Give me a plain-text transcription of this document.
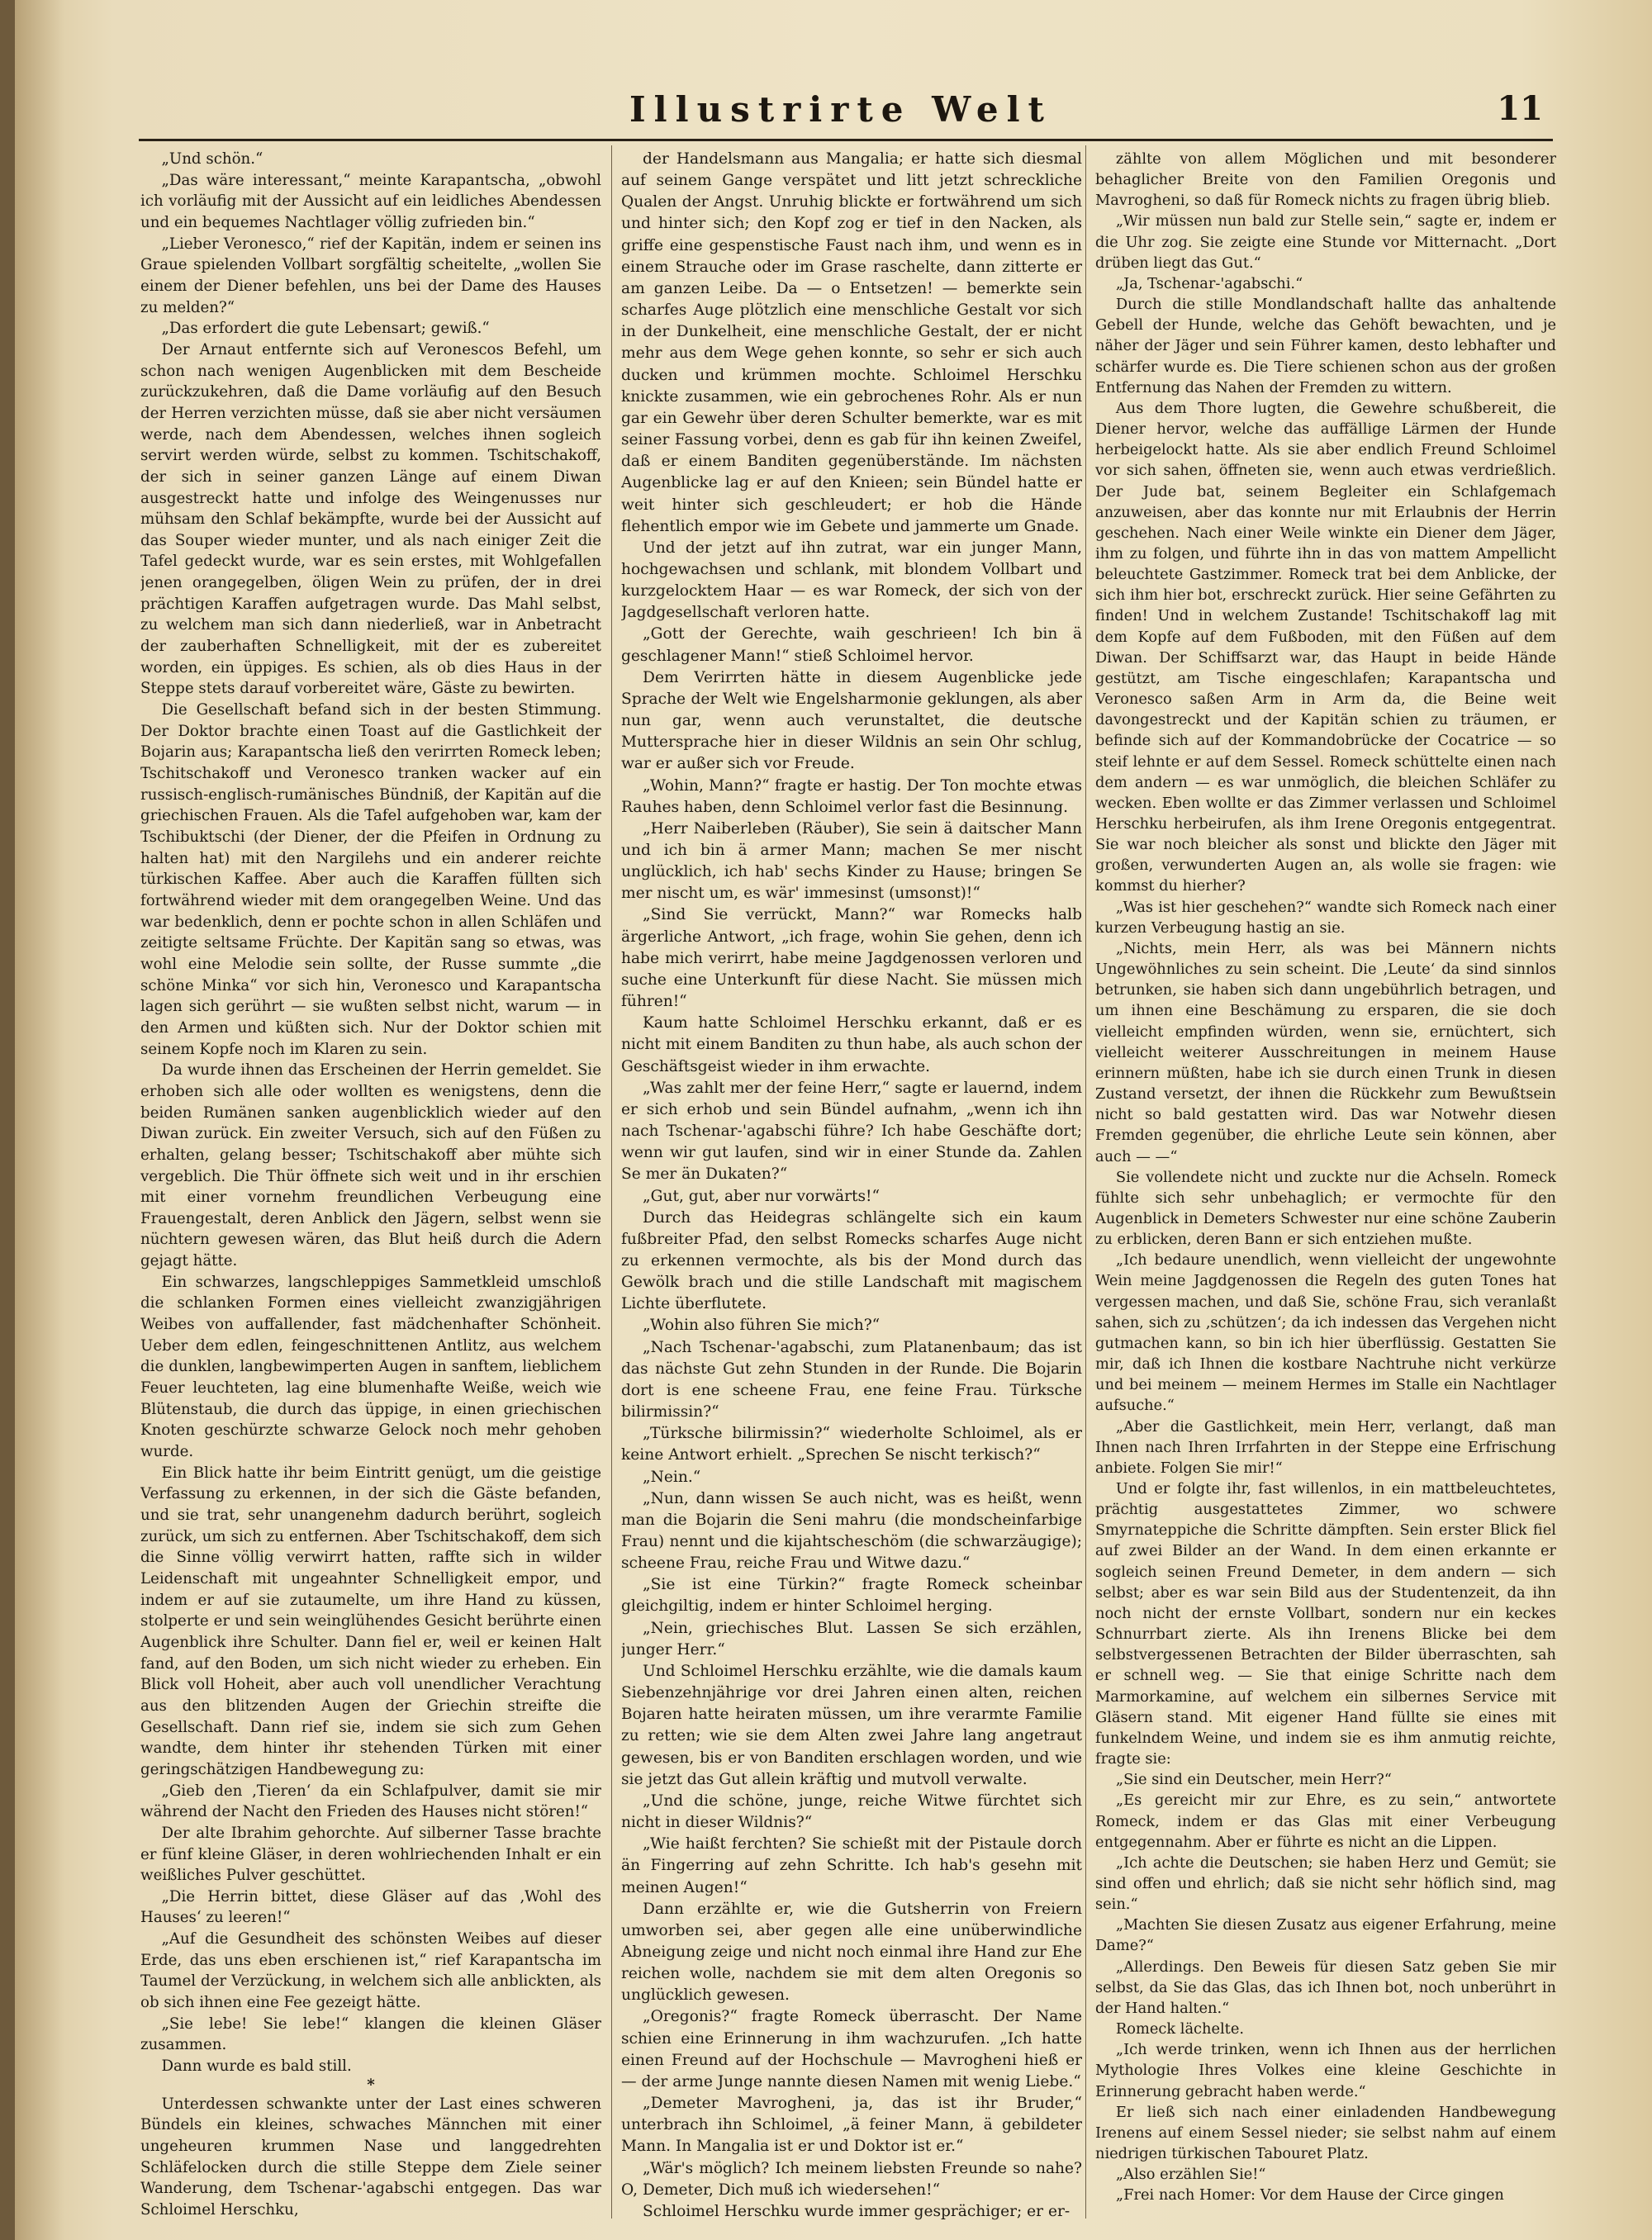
Illustrirte Welt	11

„Und schön.“

„Das wäre interessant,“ meinte Karapantscha, „obwohl ich vorläufig mit der Aussicht auf ein leidliches Abendessen und ein bequemes Nachtlager völlig zufrieden bin.“

„Lieber Veronesco,“ rief der Kapitän, indem er seinen ins Graue spielenden Vollbart sorgfältig scheitelte, „wollen Sie einem der Diener befehlen, uns bei der Dame des Hauses zu melden?“

„Das erfordert die gute Lebensart; gewiß.“

Der Arnaut entfernte sich auf Veronescos Befehl, um schon nach wenigen Augenblicken mit dem Bescheide zurückzukehren, daß die Dame vorläufig auf den Besuch der Herren verzichten müsse, daß sie aber nicht versäumen werde, nach dem Abendessen, welches ihnen sogleich servirt werden würde, selbst zu kommen. Tschitschakoff, der sich in seiner ganzen Länge auf einem Diwan ausgestreckt hatte und infolge des Weingenusses nur mühsam den Schlaf bekämpfte, wurde bei der Aussicht auf das Souper wieder munter, und als nach einiger Zeit die Tafel gedeckt wurde, war es sein erstes, mit Wohlgefallen jenen orangegelben, öligen Wein zu prüfen, der in drei prächtigen Karaffen aufgetragen wurde. Das Mahl selbst, zu welchem man sich dann niederließ, war in Anbetracht der zauberhaften Schnelligkeit, mit der es zubereitet worden, ein üppiges. Es schien, als ob dies Haus in der Steppe stets darauf vorbereitet wäre, Gäste zu bewirten.

Die Gesellschaft befand sich in der besten Stimmung. Der Doktor brachte einen Toast auf die Gastlichkeit der Bojarin aus; Karapantscha ließ den verirrten Romeck leben; Tschitschakoff und Veronesco tranken wacker auf ein russisch-englisch-rumänisches Bündniß, der Kapitän auf die griechischen Frauen. Als die Tafel aufgehoben war, kam der Tschibuktschi (der Diener, der die Pfeifen in Ordnung zu halten hat) mit den Nargilehs und ein anderer reichte türkischen Kaffee. Aber auch die Karaffen füllten sich fortwährend wieder mit dem orangegelben Weine. Und das war bedenklich, denn er pochte schon in allen Schläfen und zeitigte seltsame Früchte. Der Kapitän sang so etwas, was wohl eine Melodie sein sollte, der Russe summte „die schöne Minka“ vor sich hin, Veronesco und Karapantscha lagen sich gerührt — sie wußten selbst nicht, warum — in den Armen und küßten sich. Nur der Doktor schien mit seinem Kopfe noch im Klaren zu sein.

Da wurde ihnen das Erscheinen der Herrin gemeldet. Sie erhoben sich alle oder wollten es wenigstens, denn die beiden Rumänen sanken augenblicklich wieder auf den Diwan zurück. Ein zweiter Versuch, sich auf den Füßen zu erhalten, gelang besser; Tschitschakoff aber mühte sich vergeblich. Die Thür öffnete sich weit und in ihr erschien mit einer vornehm freundlichen Verbeugung eine Frauengestalt, deren Anblick den Jägern, selbst wenn sie nüchtern gewesen wären, das Blut heiß durch die Adern gejagt hätte.

Ein schwarzes, langschleppiges Sammetkleid umschloß die schlanken Formen eines vielleicht zwanzigjährigen Weibes von auffallender, fast mädchenhafter Schönheit. Ueber dem edlen, feingeschnittenen Antlitz, aus welchem die dunklen, langbewimperten Augen in sanftem, lieblichem Feuer leuchteten, lag eine blumenhafte Weiße, weich wie Blütenstaub, die durch das üppige, in einen griechischen Knoten geschürzte schwarze Gelock noch mehr gehoben wurde.

Ein Blick hatte ihr beim Eintritt genügt, um die geistige Verfassung zu erkennen, in der sich die Gäste befanden, und sie trat, sehr unangenehm dadurch berührt, sogleich zurück, um sich zu entfernen. Aber Tschitschakoff, dem sich die Sinne völlig verwirrt hatten, raffte sich in wilder Leidenschaft mit ungeahnter Schnelligkeit empor, und indem er auf sie zutaumelte, um ihre Hand zu küssen, stolperte er und sein weinglühendes Gesicht berührte einen Augenblick ihre Schulter. Dann fiel er, weil er keinen Halt fand, auf den Boden, um sich nicht wieder zu erheben. Ein Blick voll Hoheit, aber auch voll unendlicher Verachtung aus den blitzenden Augen der Griechin streifte die Gesellschaft. Dann rief sie, indem sie sich zum Gehen wandte, dem hinter ihr stehenden Türken mit einer geringschätzigen Handbewegung zu:

„Gieb den ‚Tieren‘ da ein Schlafpulver, damit sie mir während der Nacht den Frieden des Hauses nicht stören!“

Der alte Ibrahim gehorchte. Auf silberner Tasse brachte er fünf kleine Gläser, in deren wohlriechenden Inhalt er ein weißliches Pulver geschüttet.

„Die Herrin bittet, diese Gläser auf das ‚Wohl des Hauses‘ zu leeren!“

„Auf die Gesundheit des schönsten Weibes auf dieser Erde, das uns eben erschienen ist,“ rief Karapantscha im Taumel der Verzückung, in welchem sich alle anblickten, als ob sich ihnen eine Fee gezeigt hätte.

„Sie lebe! Sie lebe!“ klangen die kleinen Gläser zusammen.

Dann wurde es bald still.

*

Unterdessen schwankte unter der Last eines schweren Bündels ein kleines, schwaches Männchen mit einer ungeheuren krummen Nase und langgedrehten Schläfelocken durch die stille Steppe dem Ziele seiner Wanderung, dem Tschenar-'agabschi entgegen. Das war Schloimel Herschku,

der Handelsmann aus Mangalia; er hatte sich diesmal auf seinem Gange verspätet und litt jetzt schreckliche Qualen der Angst. Unruhig blickte er fortwährend um sich und hinter sich; den Kopf zog er tief in den Nacken, als griffe eine gespenstische Faust nach ihm, und wenn es in einem Strauche oder im Grase raschelte, dann zitterte er am ganzen Leibe. Da — o Entsetzen! — bemerkte sein scharfes Auge plötzlich eine menschliche Gestalt vor sich in der Dunkelheit, eine menschliche Gestalt, der er nicht mehr aus dem Wege gehen konnte, so sehr er sich auch ducken und krümmen mochte. Schloimel Herschku knickte zusammen, wie ein gebrochenes Rohr. Als er nun gar ein Gewehr über deren Schulter bemerkte, war es mit seiner Fassung vorbei, denn es gab für ihn keinen Zweifel, daß er einem Banditen gegenüberstände. Im nächsten Augenblicke lag er auf den Knieen; sein Bündel hatte er weit hinter sich geschleudert; er hob die Hände flehentlich empor wie im Gebete und jammerte um Gnade.

Und der jetzt auf ihn zutrat, war ein junger Mann, hochgewachsen und schlank, mit blondem Vollbart und kurzgelocktem Haar — es war Romeck, der sich von der Jagdgesellschaft verloren hatte.

„Gott der Gerechte, waih geschrieen! Ich bin ä geschlagener Mann!“ stieß Schloimel hervor.

Dem Verirrten hätte in diesem Augenblicke jede Sprache der Welt wie Engelsharmonie geklungen, als aber nun gar, wenn auch verunstaltet, die deutsche Muttersprache hier in dieser Wildnis an sein Ohr schlug, war er außer sich vor Freude.

„Wohin, Mann?“ fragte er hastig. Der Ton mochte etwas Rauhes haben, denn Schloimel verlor fast die Besinnung.

„Herr Naiberleben (Räuber), Sie sein ä daitscher Mann und ich bin ä armer Mann; machen Se mer nischt unglücklich, ich hab' sechs Kinder zu Hause; bringen Se mer nischt um, es wär' immesinst (umsonst)!“

„Sind Sie verrückt, Mann?“ war Romecks halb ärgerliche Antwort, „ich frage, wohin Sie gehen, denn ich habe mich verirrt, habe meine Jagdgenossen verloren und suche eine Unterkunft für diese Nacht. Sie müssen mich führen!“

Kaum hatte Schloimel Herschku erkannt, daß er es nicht mit einem Banditen zu thun habe, als auch schon der Geschäftsgeist wieder in ihm erwachte.

„Was zahlt mer der feine Herr,“ sagte er lauernd, indem er sich erhob und sein Bündel aufnahm, „wenn ich ihn nach Tschenar-'agabschi führe? Ich habe Geschäfte dort; wenn wir gut laufen, sind wir in einer Stunde da. Zahlen Se mer än Dukaten?“

„Gut, gut, aber nur vorwärts!“

Durch das Heidegras schlängelte sich ein kaum fußbreiter Pfad, den selbst Romecks scharfes Auge nicht zu erkennen vermochte, als bis der Mond durch das Gewölk brach und die stille Landschaft mit magischem Lichte überflutete.

„Wohin also führen Sie mich?“

„Nach Tschenar-'agabschi, zum Platanenbaum; das ist das nächste Gut zehn Stunden in der Runde. Die Bojarin dort is ene scheene Frau, ene feine Frau. Türksche bilirmissin?“

„Türksche bilirmissin?“ wiederholte Schloimel, als er keine Antwort erhielt. „Sprechen Se nischt terkisch?“

„Nein.“

„Nun, dann wissen Se auch nicht, was es heißt, wenn man die Bojarin die Seni mahru (die mondscheinfarbige Frau) nennt und die kijahtscheschöm (die schwarzäugige); scheene Frau, reiche Frau und Witwe dazu.“

„Sie ist eine Türkin?“ fragte Romeck scheinbar gleichgiltig, indem er hinter Schloimel herging.

„Nein, griechisches Blut. Lassen Se sich erzählen, junger Herr.“

Und Schloimel Herschku erzählte, wie die damals kaum Siebenzehnjährige vor drei Jahren einen alten, reichen Bojaren hatte heiraten müssen, um ihre verarmte Familie zu retten; wie sie dem Alten zwei Jahre lang angetraut gewesen, bis er von Banditen erschlagen worden, und wie sie jetzt das Gut allein kräftig und mutvoll verwalte.

„Und die schöne, junge, reiche Witwe fürchtet sich nicht in dieser Wildnis?“

„Wie haißt ferchten? Sie schießt mit der Pistaule dorch än Fingerring auf zehn Schritte. Ich hab's gesehn mit meinen Augen!“

Dann erzählte er, wie die Gutsherrin von Freiern umworben sei, aber gegen alle eine unüberwindliche Abneigung zeige und nicht noch einmal ihre Hand zur Ehe reichen wolle, nachdem sie mit dem alten Oregonis so unglücklich gewesen.

„Oregonis?“ fragte Romeck überrascht. Der Name schien eine Erinnerung in ihm wachzurufen. „Ich hatte einen Freund auf der Hochschule — Mavrogheni hieß er — der arme Junge nannte diesen Namen mit wenig Liebe.“

„Demeter Mavrogheni, ja, das ist ihr Bruder,“ unterbrach ihn Schloimel, „ä feiner Mann, ä gebildeter Mann. In Mangalia ist er und Doktor ist er.“

„Wär's möglich? Ich meinem liebsten Freunde so nahe? O, Demeter, Dich muß ich wiedersehen!“

Schloimel Herschku wurde immer gesprächiger; er er-

zählte von allem Möglichen und mit besonderer behaglicher Breite von den Familien Oregonis und Mavrogheni, so daß für Romeck nichts zu fragen übrig blieb.

„Wir müssen nun bald zur Stelle sein,“ sagte er, indem er die Uhr zog. Sie zeigte eine Stunde vor Mitternacht. „Dort drüben liegt das Gut.“

„Ja, Tschenar-'agabschi.“

Durch die stille Mondlandschaft hallte das anhaltende Gebell der Hunde, welche das Gehöft bewachten, und je näher der Jäger und sein Führer kamen, desto lebhafter und schärfer wurde es. Die Tiere schienen schon aus der großen Entfernung das Nahen der Fremden zu wittern.

Aus dem Thore lugten, die Gewehre schußbereit, die Diener hervor, welche das auffällige Lärmen der Hunde herbeigelockt hatte. Als sie aber endlich Freund Schloimel vor sich sahen, öffneten sie, wenn auch etwas verdrießlich. Der Jude bat, seinem Begleiter ein Schlafgemach anzuweisen, aber das konnte nur mit Erlaubnis der Herrin geschehen. Nach einer Weile winkte ein Diener dem Jäger, ihm zu folgen, und führte ihn in das von mattem Ampellicht beleuchtete Gastzimmer. Romeck trat bei dem Anblicke, der sich ihm hier bot, erschreckt zurück. Hier seine Gefährten zu finden! Und in welchem Zustande! Tschitschakoff lag mit dem Kopfe auf dem Fußboden, mit den Füßen auf dem Diwan. Der Schiffsarzt war, das Haupt in beide Hände gestützt, am Tische eingeschlafen; Karapantscha und Veronesco saßen Arm in Arm da, die Beine weit davongestreckt und der Kapitän schien zu träumen, er befinde sich auf der Kommandobrücke der Cocatrice — so steif lehnte er auf dem Sessel. Romeck schüttelte einen nach dem andern — es war unmöglich, die bleichen Schläfer zu wecken. Eben wollte er das Zimmer verlassen und Schloimel Herschku herbeirufen, als ihm Irene Oregonis entgegentrat. Sie war noch bleicher als sonst und blickte den Jäger mit großen, verwunderten Augen an, als wolle sie fragen: wie kommst du hierher?

„Was ist hier geschehen?“ wandte sich Romeck nach einer kurzen Verbeugung hastig an sie.

„Nichts, mein Herr, als was bei Männern nichts Ungewöhnliches zu sein scheint. Die ‚Leute‘ da sind sinnlos betrunken, sie haben sich dann ungebührlich betragen, und um ihnen eine Beschämung zu ersparen, die sie doch vielleicht empfinden würden, wenn sie, ernüchtert, sich vielleicht weiterer Ausschreitungen in meinem Hause erinnern müßten, habe ich sie durch einen Trunk in diesen Zustand versetzt, der ihnen die Rückkehr zum Bewußtsein nicht so bald gestatten wird. Das war Notwehr diesen Fremden gegenüber, die ehrliche Leute sein können, aber auch — —“

Sie vollendete nicht und zuckte nur die Achseln. Romeck fühlte sich sehr unbehaglich; er vermochte für den Augenblick in Demeters Schwester nur eine schöne Zauberin zu erblicken, deren Bann er sich entziehen mußte.

„Ich bedaure unendlich, wenn vielleicht der ungewohnte Wein meine Jagdgenossen die Regeln des guten Tones hat vergessen machen, und daß Sie, schöne Frau, sich veranlaßt sahen, sich zu ‚schützen‘; da ich indessen das Vergehen nicht gutmachen kann, so bin ich hier überflüssig. Gestatten Sie mir, daß ich Ihnen die kostbare Nachtruhe nicht verkürze und bei meinem — meinem Hermes im Stalle ein Nachtlager aufsuche.“

„Aber die Gastlichkeit, mein Herr, verlangt, daß man Ihnen nach Ihren Irrfahrten in der Steppe eine Erfrischung anbiete. Folgen Sie mir!“

Und er folgte ihr, fast willenlos, in ein mattbeleuchtetes, prächtig ausgestattetes Zimmer, wo schwere Smyrnateppiche die Schritte dämpften. Sein erster Blick fiel auf zwei Bilder an der Wand. In dem einen erkannte er sogleich seinen Freund Demeter, in dem andern — sich selbst; aber es war sein Bild aus der Studentenzeit, da ihn noch nicht der ernste Vollbart, sondern nur ein keckes Schnurrbart zierte. Als ihn Irenens Blicke bei dem selbstvergessenen Betrachten der Bilder überraschten, sah er schnell weg. — Sie that einige Schritte nach dem Marmorkamine, auf welchem ein silbernes Service mit Gläsern stand. Mit eigener Hand füllte sie eines mit funkelndem Weine, und indem sie es ihm anmutig reichte, fragte sie:

„Sie sind ein Deutscher, mein Herr?“

„Es gereicht mir zur Ehre, es zu sein,“ antwortete Romeck, indem er das Glas mit einer Verbeugung entgegennahm. Aber er führte es nicht an die Lippen.

„Ich achte die Deutschen; sie haben Herz und Gemüt; sie sind offen und ehrlich; daß sie nicht sehr höflich sind, mag sein.“

„Machten Sie diesen Zusatz aus eigener Erfahrung, meine Dame?“

„Allerdings. Den Beweis für diesen Satz geben Sie mir selbst, da Sie das Glas, das ich Ihnen bot, noch unberührt in der Hand halten.“

Romeck lächelte.

„Ich werde trinken, wenn ich Ihnen aus der herrlichen Mythologie Ihres Volkes eine kleine Geschichte in Erinnerung gebracht haben werde.“

Er ließ sich nach einer einladenden Handbewegung Irenens auf einem Sessel nieder; sie selbst nahm auf einem niedrigen türkischen Tabouret Platz.

„Also erzählen Sie!“

„Frei nach Homer: Vor dem Hause der Circe gingen
